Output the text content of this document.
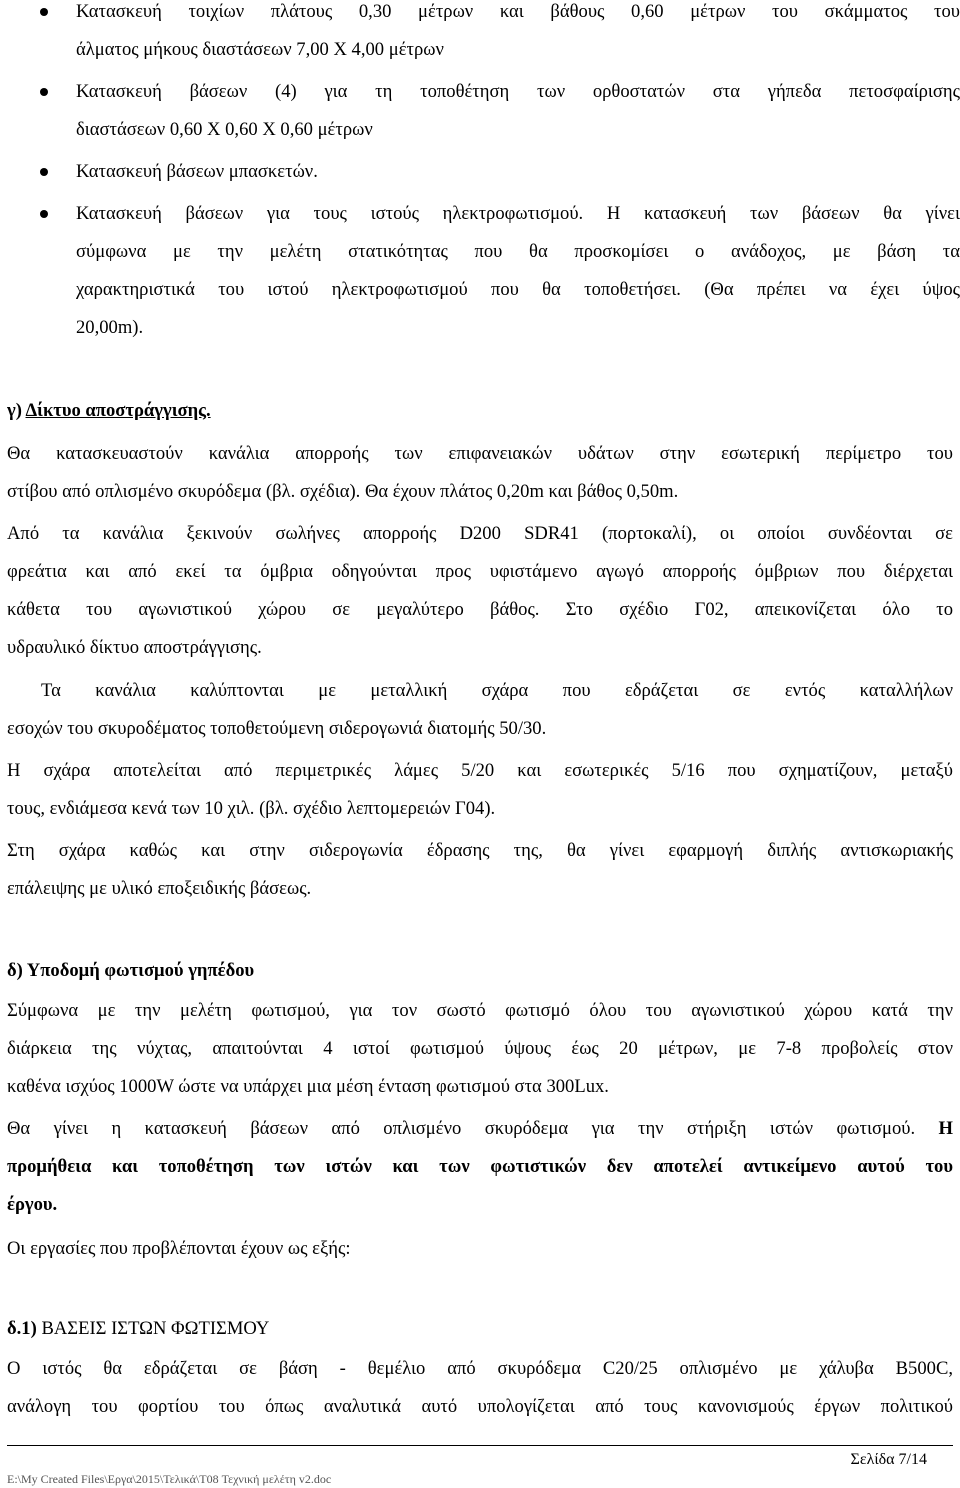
Κατασκευή τοιχίων πλάτους 0,30 μέτρων και βάθους 0,60 μέτρων του σκάμματος του
άλματος μήκους διαστάσεων 7,00 Χ 4,00 μέτρων

Κατασκευή βάσεων (4) για τη τοποθέτηση των ορθοστατών στα γήπεδα πετοσφαίρισης
διαστάσεων 0,60 Χ 0,60 Χ 0,60 μέτρων

Κατασκευή βάσεων μπασκετών.

Κατασκευή βάσεων για τους ιστούς ηλεκτροφωτισμού. Η κατασκευή των βάσεων θα γίνει
σύμφωνα με την μελέτη στατικότητας που θα προσκομίσει ο ανάδοχος, με βάση τα
χαρακτηριστικά του ιστού ηλεκτροφωτισμού που θα τοποθετήσει. (Θα πρέπει να έχει ύψος
20,00m).

γ) Δίκτυο αποστράγγισης.
Θα κατασκευαστούν κανάλια απορροής των επιφανειακών υδάτων στην εσωτερική περίμετρο του
στίβου από οπλισμένο σκυρόδεμα (βλ. σχέδια). Θα έχουν πλάτος 0,20m και βάθος 0,50m.
Από τα κανάλια ξεκινούν σωλήνες απορροής D200 SDR41 (πορτοκαλί), οι οποίοι συνδέονται σε
φρεάτια και από εκεί τα όμβρια οδηγούνται προς υφιστάμενο αγωγό απορροής όμβριων που διέρχεται
κάθετα του αγωνιστικού χώρου σε μεγαλύτερο βάθος. Στο σχέδιο Γ02, απεικονίζεται όλο το
υδραυλικό δίκτυο αποστράγγισης.
Τα κανάλια καλύπτονται με μεταλλική σχάρα που εδράζεται σε εντός καταλλήλων
εσοχών του σκυροδέματος τοποθετούμενη σιδερογωνιά διατομής 50/30.
Η σχάρα αποτελείται από περιμετρικές λάμες 5/20 και εσωτερικές 5/16 που σχηματίζουν, μεταξύ
τους, ενδιάμεσα κενά των 10 χιλ. (βλ. σχέδιο λεπτομερειών Γ04).
Στη σχάρα καθώς και στην σιδερογωνία έδρασης της, θα γίνει εφαρμογή διπλής αντισκωριακής
επάλειψης με υλικό εποξειδικής βάσεως.
δ) Υποδομή φωτισμού γηπέδου
Σύμφωνα με την μελέτη φωτισμού, για τον σωστό φωτισμό όλου του αγωνιστικού χώρου κατά την
διάρκεια της νύχτας, απαιτούνται 4 ιστοί φωτισμού ύψους έως 20 μέτρων, με 7-8 προβολείς στον
καθένα ισχύος 1000W ώστε να υπάρχει μια μέση ένταση φωτισμού στα 300Lux.
Θα γίνει η κατασκευή βάσεων από οπλισμένο σκυρόδεμα για την στήριξη ιστών φωτισμού. Η
προμήθεια και τοποθέτηση των ιστών και των φωτιστικών δεν αποτελεί αντικείμενο αυτού του
έργου.
Οι εργασίες που προβλέπονται έχουν ως εξής:
δ.1) ΒΑΣΕΙΣ ΙΣΤΩΝ ΦΩΤΙΣΜΟΥ
Ο ιστός θα εδράζεται σε βάση - θεμέλιο από σκυρόδεμα C20/25 οπλισμένο με χάλυβα B500C,
ανάλογη του φορτίου του όπως αναλυτικά αυτό υπολογίζεται από τους κανονισμούς έργων πολιτικού
Σελίδα 7/14
E:\My Created Files\Εργα\2015\Τελικά\T08 Τεχνική μελέτη v2.doc
